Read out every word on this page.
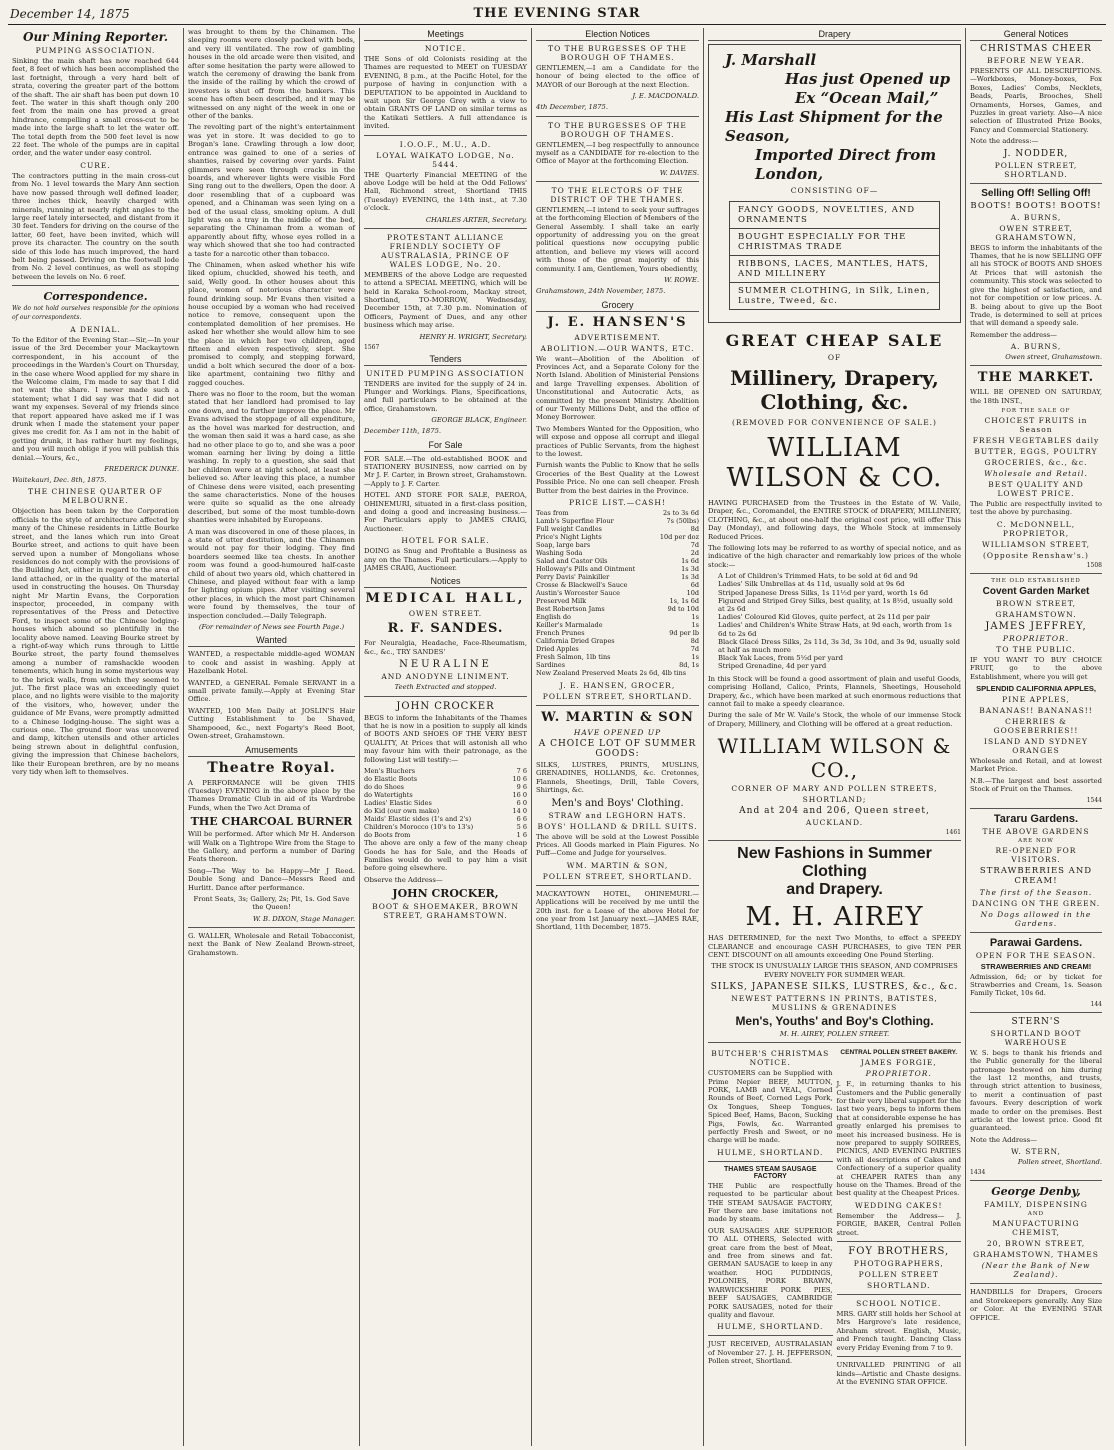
December 14, 1875	THE EVENING STAR
Our Mining Reporter.
PUMPING ASSOCIATION.

Sinking the main shaft has now reached 644 feet, 8 feet of which has been accomplished the last fortnight, through a very hard belt of strata, covering the greater part of the bottom of the shaft. The air shaft has been put down 10 feet. The water in this shaft though only 200 feet from the main one has proved a great hindrance, compelling a small cross-cut to be made into the large shaft to let the water off. The total depth from the 500 feet level is now 22 feet. The whole of the pumps are in capital order, and the water under easy control.

CURE.

The contractors putting in the main cross-cut from No. 1 level towards the Mary Ann section have now passed through well defined leader, three inches thick, heavily charged with minerals, running at nearly right angles to the large reef lately intersected, and distant from it 30 feet. Tenders for driving on the course of the latter, 60 feet, have been invited, which will prove its character. The country on the south side of this lode has much improved, the hard belt being passed. Driving on the footwall lode from No. 2 level continues, as well as stoping between the levels on No. 6 reef.

Correspondence.

We do not hold ourselves responsible for the opinions of our correspondents.

A DENIAL.

To the Editor of the Evening Star.—Sir,—In your issue of the 3rd December your Mackaytown correspondent, in his account of the proceedings in the Warden's Court on Thursday, in the case where Wood applied for my share in the Welcome claim, I'm made to say that I did not want the share. I never made such a statement; what I did say was that I did not want my expenses. Several of my friends since that report appeared have asked me if I was drunk when I made the statement your paper gives me credit for. As I am not in the habit of getting drunk, it has rather hurt my feelings, and you will much oblige if you will publish this denial.—Yours, &c.,

FREDERICK DUNKE.

Waitekauri, Dec. 8th, 1875.

THE CHINESE QUARTER OF MELBOURNE.

Objection has been taken by the Corporation officials to the style of architecture affected by many of the Chinese residents in Little Bourke street, and the lanes which run into Great Bourke street, and actions to quit have been served upon a number of Mongolians whose residences do not comply with the provisions of the Building Act, either in regard to the area of land attached, or in the quality of the material used in constructing the houses. On Thursday night Mr Martin Evans, the Corporation inspector, proceeded, in company with representatives of the Press and Detective Ford, to inspect some of the Chinese lodging-houses which abound so plentifully in the locality above named. Leaving Bourke street by a right-of-way which runs through to Little Bourke street, the party found themselves among a number of ramshackle wooden tenements, which hung in some mysterious way to the brick walls, from which they seemed to jut. The first place was an exceedingly quiet place, and no lights were visible to the majority of the visitors, who, however, under the guidance of Mr Evans, were promptly admitted to a Chinese lodging-house. The sight was a curious one. The ground floor was uncovered and damp, kitchen utensils and other articles being strewn about in delightful confusion, giving the impression that Chinese bachelors, like their European brethren, are by no means very tidy when left to themselves.

was brought to them by the Chinamen. The sleeping rooms were closely packed with beds, and very ill ventilated. The row of gambling houses in the old arcade were then visited, and after some hesitation the party were allowed to watch the ceremony of drawing the bank from the inside of the railing by which the crowd of investors is shut off from the bankers. This scene has often been described, and it may be witnessed on any night of the week in one or other of the banks.

The revolting part of the night's entertainment was yet in store. It was decided to go to Brogan's lane. Crawling through a low door, entrance was gained to one of a series of shanties, raised by covering over yards. Faint glimmers were seen through cracks in the boards, and wherever lights were visible Ford Sing rang out to the dwellers, Open the door. A door resembling that of a cupboard was opened, and a Chinaman was seen lying on a bed of the usual class, smoking opium. A dull light was on a tray in the middle of the bed, separating the Chinaman from a woman of apparently about fifty, whose eyes rolled in a way which showed that she too had contracted a taste for a narcotic other than tobacco.

The Chinamen, when asked whether his wife liked opium, chuckled, showed his teeth, and said, Welly good. In other houses about this place, women of notorious character were found drinking soup. Mr Evans then visited a house occupied by a woman who had received notice to remove, consequent upon the contemplated demolition of her premises. He asked her whether she would allow him to see the place in which her two children, aged fifteen and eleven respectively, slept. She promised to comply, and stepping forward, undid a bolt which secured the door of a box-like apartment, containing two filthy and ragged couches.

There was no floor to the room, but the woman stated that her landlord had promised to lay one down, and to further improve the place. Mr Evans advised the stoppage of all expenditure, as the hovel was marked for destruction, and the woman then said it was a hard case, as she had no other place to go to, and she was a poor woman earning her living by doing a little washing. In reply to a question, she said that her children were at night school, at least she believed so. After leaving this place, a number of Chinese dens were visited, each presenting the same characteristics. None of the houses were quite so squalid as the one already described, but some of the most tumble-down shanties were inhabited by Europeans.

A man was discovered in one of these places, in a state of utter destitution, and the Chinamen would not pay for their lodging. They find boarders seemed like tea chests. In another room was found a good-humoured half-caste child of about two years old, which chattered in Chinese, and played without fear with a lamp for lighting opium pipes. After visiting several other places, in which the most part Chinamen were found by themselves, the tour of inspection concluded.—Daily Telegraph.

(For remainder of News see Fourth Page.)

Wanted

WANTED, a respectable middle-aged WOMAN to cook and assist in washing. Apply at Hazelbank Hotel.

WANTED, a GENERAL Female SERVANT in a small private family.—Apply at Evening Star Office.

WANTED, 100 Men Daily at JOSLIN'S Hair Cutting Establishment to be Shaved, Shampooed, &c., next Fogarty's Reed Boot, Owen-street, Grahamstown.

Amusements
Theatre Royal.

A PERFORMANCE will be given THIS (Tuesday) EVENING in the above place by the Thames Dramatic Club in aid of its Wardrobe Funds, when the Two Act Drama of

THE CHARCOAL BURNER

Will be performed. After which Mr H. Anderson will Walk on a Tightrope Wire from the Stage to the Gallery, and perform a number of Daring Feats thereon.

Song—The Way to be Happy—Mr J Reed. Double Song and Dance—Messrs Reed and Hurlitt. Dance after performance.

Front Seats, 3s; Gallery, 2s; Pit, 1s. God Save the Queen!

W. B. DIXON, Stage Manager.

G. WALLER, Wholesale and Retail Tobacconist, next the Bank of New Zealand Brown-street, Grahamstown.

Meetings
NOTICE.

THE Sons of old Colonists residing at the Thames are requested to MEET on TUESDAY EVENING, 8 p.m., at the Pacific Hotel, for the purpose of having in conjunction with a DEPUTATION to be appointed in Auckland to wait upon Sir George Grey with a view to obtain GRANTS OF LAND on similar terms as the Katikati Settlers. A full attendance is invited.

I.O.O.F., M.U., A.D.
LOYAL WAIKATO LODGE, No. 5444.

THE Quarterly Financial MEETING of the above Lodge will be held at the Odd Fellows' Hall, Richmond street, Shortland THIS (Tuesday) EVENING, the 14th inst., at 7.30 o'clock.

CHARLES ARTER, Secretary.
PROTESTANT ALLIANCE FRIENDLY SOCIETY OF AUSTRALASIA, PRINCE OF WALES LODGE, No. 20.

MEMBERS of the above Lodge are requested to attend a SPECIAL MEETING, which will be held in Karaka School-room, Mackay street, Shortland, TO-MORROW, Wednesday, December 15th, at 7.30 p.m. Nomination of Officers, Payment of Dues, and any other business which may arise.

HENRY H. WRIGHT, Secretary.
1567
Tenders
UNITED PUMPING ASSOCIATION

TENDERS are invited for the supply of 24 in. Plunger and Workings. Plans, Specifications, and full particulars to be obtained at the office, Grahamstown.

GEORGE BLACK, Engineer.

December 11th, 1875.

For Sale

FOR SALE.—The old-established BOOK and STATIONERY BUSINESS, now carried on by Mr J. F. Carter, in Brown street, Grahamstown.—Apply to J. F. Carter.

HOTEL AND STORE FOR SALE, PAEROA, OHINEMURI, situated in a first-class position, and doing a good and increasing business.—For Particulars apply to JAMES CRAIG, Auctioneer.

HOTEL FOR SALE.

DOING as Snug and Profitable a Business as any on the Thames. Full particulars.—Apply to JAMES CRAIG, Auctioneer.

Notices
MEDICAL HALL,
OWEN STREET.
R. F. SANDES.

For Neuralgia, Headache, Face-Rheumatism, &c., &c., TRY SANDES'

NEURALINE
AND ANODYNE LINIMENT.

Teeth Extracted and stopped.

JOHN CROCKER

BEGS to inform the Inhabitants of the Thames that he is now in a position to supply all kinds of BOOTS AND SHOES OF THE VERY BEST QUALITY, At Prices that will astonish all who may favour him with their patronage, as the following List will testify:—

Men's Bluchers	7 6
do Elastic Boots	10 6
do do Shoes	9 6
do Watertights	16 0
Ladies' Elastic Sides	6 0
do Kid (our own make)	14 0
Maids' Elastic sides (1's and 2's)	6 6
Children's Morocco (10's to 13's)	5 6
do Boots from	1 6

The above are only a few of the many cheap Goods he has for Sale, and the Heads of Families would do well to pay him a visit before going elsewhere.

Observe the Address—

JOHN CROCKER,
BOOT & SHOEMAKER, BROWN STREET, GRAHAMSTOWN.
Election Notices
TO THE BURGESSES OF THE BOROUGH OF THAMES.

GENTLEMEN,—I am a Candidate for the honour of being elected to the office of MAYOR of our Borough at the next Election.

J. E. MACDONALD.

4th December, 1875.

TO THE BURGESSES OF THE BOROUGH OF THAMES.

GENTLEMEN,—I beg respectfully to announce myself as a CANDIDATE for re-election to the Office of Mayor at the forthcoming Election.

W. DAVIES.
TO THE ELECTORS OF THE DISTRICT OF THE THAMES.

GENTLEMEN,—I intend to seek your suffrages at the forthcoming Election of Members of the General Assembly. I shall take an early opportunity of addressing you on the great political questions now occupying public attention, and believe my views will accord with those of the great majority of this community. I am, Gentlemen, Yours obediently,

W. ROWE.

Grahamstown, 24th November, 1875.

Grocery
J. E. HANSEN'S
ADVERTISEMENT.
ABOLITION.—OUR WANTS, ETC.

We want—Abolition of the Abolition of Provinces Act, and a Separate Colony for the North Island. Abolition of Ministerial Pensions and large Travelling expenses. Abolition of Unconstitutional and Autocratic Acts, as committed by the present Ministry. Abolition of our Twenty Millions Debt, and the office of Money Borrower.

Two Members Wanted for the Opposition, who will expose and oppose all corrupt and illegal practices of Public Servants, from the highest to the lowest.

Furnish wants the Public to Know that he sells Groceries of the Best Quality at the Lowest Possible Price. No one can sell cheaper. Fresh Butter from the best dairies in the Province.

PRICE LIST.—CASH!
Teas from	2s to 3s 6d
Lamb's Superfine Flour	7s (50lbs)
Full weight Candles	8d
Price's Night Lights	10d per doz
Soap, large bars	7d
Washing Soda	2d
Salad and Castor Oils	1s 6d
Holloway's Pills and Ointment	1s 3d
Perry Davis' Painkiller	1s 3d
Crosse & Blackwell's Sauce	6d
Austin's Worcester Sauce	10d
Preserved Milk	1s, 1s 6d
Best Robertson Jams	9d to 10d
English do	1s
Keiller's Marmalade	1s
French Prunes	9d per lb
California Dried Grapes	8d
Dried Apples	7d
Fresh Salmon, 1lb tins	1s
Sardines	8d, 1s
New Zealand Preserved Meats 2s 6d, 4lb tins
J. E. HANSEN, GROCER,
POLLEN STREET, SHORTLAND.
W. MARTIN & SON
HAVE OPENED UP
A CHOICE LOT OF SUMMER GOODS:

SILKS, LUSTRES, PRINTS, MUSLINS, GRENADINES, HOLLANDS, &c. Cretonnes, Flannels, Sheetings, Drill, Table Covers, Shirtings, &c.

Men's and Boys' Clothing.
STRAW and LEGHORN HATS.
BOYS' HOLLAND & DRILL SUITS.

The above will be sold at the Lowest Possible Prices. All Goods marked in Plain Figures. No Puff—Come and Judge for yourselves.

WM. MARTIN & SON,
POLLEN STREET, SHORTLAND.

MACKAYTOWN HOTEL, OHINEMURI.—Applications will be received by me until the 20th inst. for a Lease of the above Hotel for one year from 1st January next.—JAMES RAE, Shortland, 11th December, 1875.

Drapery
J. Marshall
Has just Opened up
Ex “Ocean Mail,”
His Last Shipment for the Season,
Imported Direct from London,
CONSISTING OF—
FANCY GOODS, NOVELTIES, AND ORNAMENTS
BOUGHT ESPECIALLY FOR THE CHRISTMAS TRADE
RIBBONS, LACES, MANTLES, HATS, AND MILLINERY
SUMMER CLOTHING, in Silk, Linen, Lustre, Tweed, &c.
GREAT CHEAP SALE
OF
Millinery, Drapery, Clothing, &c.
(REMOVED FOR CONVENIENCE OF SALE.)
WILLIAM WILSON & CO.

HAVING PURCHASED from the Trustees in the Estate of W. Vaile, Draper, &c., Coromandel, the ENTIRE STOCK of DRAPERY, MILLINERY, CLOTHING, &c., at about one-half the original cost price, will offer This Day (Monday), and following days, the Whole Stock at immensely Reduced Prices.

The following lots may be referred to as worthy of special notice, and as indicative of the high character and remarkably low prices of the whole stock:—

A Lot of Children's Trimmed Hats, to be sold at 6d and 9d
Ladies' Silk Umbrellas at 4s 11d, usually sold at 9s 6d
Striped Japanese Dress Silks, 1s 11½d per yard, worth 1s 6d
Figured and Striped Grey Silks, best quality, at 1s 8½d, usually sold at 2s 6d
Ladies' Coloured Kid Gloves, quite perfect, at 2s 11d per pair
Ladies' and Children's White Straw Hats, at 9d each, worth from 1s 6d to 2s 6d
Black Glacé Dress Silks, 2s 11d, 3s 3d, 3s 10d, and 3s 9d, usually sold at half as much more
Black Yak Laces, from 5½d per yard
Striped Grenadine, 4d per yard

In this Stock will be found a good assortment of plain and useful Goods, comprising Holland, Calico, Prints, Flannels, Sheetings, Household Drapery, &c., which have been marked at such enormous reductions that cannot fail to make a speedy clearance.

During the sale of Mr W. Vaile's Stock, the whole of our immense Stock of Drapery, Millinery, and Clothing will be offered at a great reduction.

WILLIAM WILSON & CO.,
CORNER OF MARY AND POLLEN STREETS,
SHORTLAND;
And at 204 and 206, Queen street,
AUCKLAND.
1461
New Fashions in Summer Clothing
and Drapery.
M. H. AIREY

HAS DETERMINED, for the next Two Months, to effect a SPEEDY CLEARANCE and encourage CASH PURCHASES, to give TEN PER CENT. DISCOUNT on all amounts exceeding One Pound Sterling.

THE STOCK IS UNUSUALLY LARGE THIS SEASON, AND COMPRISES EVERY NOVELTY FOR SUMMER WEAR.

SILKS, JAPANESE SILKS, LUSTRES, &c., &c.
NEWEST PATTERNS IN PRINTS, BATISTES, MUSLINS & GRENADINES
Men's, Youths' and Boy's Clothing.
M. H. AIREY, POLLEN STREET.
BUTCHER'S CHRISTMAS NOTICE.

CUSTOMERS can be Supplied with Prime Nepier BEEF, MUTTON, PORK, LAMB and VEAL, Corned Rounds of Beef, Corned Legs Pork, Ox Tongues, Sheep Tongues, Spiced Beef, Hams, Bacon, Sucking Pigs, Fowls, &c. Warranted perfectly Fresh and Sweet, or no charge will be made.

HULME, SHORTLAND.
THAMES STEAM SAUSAGE FACTORY

THE Public are respectfully requested to be particular about THE STEAM SAUSAGE FACTORY, For there are base imitations not made by steam.

OUR SAUSAGES ARE SUPERIOR TO ALL OTHERS, Selected with great care from the best of Meat, and free from sinews and fat. GERMAN SAUSAGE to keep in any weather. HOG PUDDINGS, POLONIES, PORK BRAWN, WARWICKSHIRE PORK PIES, BEEF SAUSAGES, CAMBRIDGE PORK SAUSAGES, noted for their quality and flavour.

HULME, SHORTLAND.

JUST RECEIVED, AUSTRALASIAN of November 27. J. H. JEFFERSON, Pollen street, Shortland.

CENTRAL POLLEN STREET BAKERY.
JAMES FORGIE,
PROPRIETOR.

J. F., in returning thanks to his Customers and the Public generally for their very liberal support for the last two years, begs to inform them that at considerable expense he has greatly enlarged his premises to meet his increased business. He is now prepared to supply SOIREES, PICNICS, AND EVENING PARTIES with all descriptions of Cakes and Confectionery of a superior quality at CHEAPER RATES than any house on the Thames. Bread of the best quality at the Cheapest Prices.

WEDDING CAKES!

Remember the Address— J. FORGIE, BAKER, Central Pollen street.

FOY BROTHERS,
PHOTOGRAPHERS,
POLLEN STREET
SHORTLAND.
SCHOOL NOTICE.

MRS. GARY still holds her School at Mrs Hargrove's late residence, Abraham street. English, Music, and French taught. Dancing Class every Friday Evening from 7 to 9.

UNRIVALLED PRINTING of all kinds—Artistic and Chaste designs. At the EVENING STAR OFFICE.

General Notices
CHRISTMAS CHEER
BEFORE NEW YEAR.

PRESENTS OF ALL DESCRIPTIONS.—Workboxes, Money-boxes, Fox Boxes, Ladies' Combs, Necklets, Beads, Pearls, Brooches, Shell Ornaments, Horses, Games, and Puzzles in great variety. Also—A nice selection of Illustrated Prize Books, Fancy and Commercial Stationery.

Note the address:—

J. NODDER,
POLLEN STREET, SHORTLAND.
Selling Off! Selling Off!
BOOTS! BOOTS! BOOTS!
A. BURNS,
OWEN STREET, GRAHAMSTOWN,

BEGS to inform the inhabitants of the Thames, that he is now SELLING OFF all his STOCK of BOOTS AND SHOES At Prices that will astonish the community. This stock was selected to give the highest of satisfaction, and not for competition or low prices. A. B. being about to give up the Boot Trade, is determined to sell at prices that will demand a speedy sale.

Remember the address—

A. BURNS,
Owen street, Grahamstown.
THE MARKET.

WILL BE OPENED ON SATURDAY, the 18th INST.,

FOR THE SALE OF
CHOICEST FRUITS in Season
FRESH VEGETABLES daily
BUTTER, EGGS, POULTRY
GROCERIES, &c., &c.
Wholesale and Retail.
BEST QUALITY AND LOWEST PRICE.

The Public are respectfully invited to test the above by purchasing.

C. McDONNELL, PROPRIETOR,
WILLIAMSON STREET,
(Opposite Renshaw's.)
1508
THE OLD ESTABLISHED
Covent Garden Market
BROWN STREET,
GRAHAMSTOWN.
JAMES JEFFREY,
PROPRIETOR.
TO THE PUBLIC.

IF YOU WANT TO BUY CHOICE FRUIT, go to the above Establishment, where you will get

SPLENDID CALIFORNIA APPLES,
PINE APPLES,
BANANAS!! BANANAS!!
CHERRIES & GOOSEBERRIES!!
ISLAND AND SYDNEY ORANGES

Wholesale and Retail, and at lowest Market Price.

N.B.—The largest and best assorted Stock of Fruit on the Thames.

1544
Tararu Gardens.
THE ABOVE GARDENS
ARE NOW
RE-OPENED FOR VISITORS.
STRAWBERRIES AND CREAM!
The first of the Season.
DANCING ON THE GREEN.
No Dogs allowed in the Gardens.
Parawai Gardens.
OPEN FOR THE SEASON.
STRAWBERRIES AND CREAM!

Admission, 6d; or by ticket for Strawberries and Cream, 1s. Season Family Ticket, 10s 6d.

144
STERN'S
SHORTLAND BOOT WAREHOUSE

W. S. begs to thank his friends and the Public generally for the liberal patronage bestowed on him during the last 12 months, and trusts, through strict attention to business, to merit a continuation of past favours. Every description of work made to order on the premises. Best article at the lowest price. Good fit guaranteed.

Note the Address—

W. STERN,
Pollen street, Shortland.
1434
George Denby,
FAMILY, DISPENSING
AND
MANUFACTURING CHEMIST,
20, BROWN STREET,
GRAHAMSTOWN, THAMES
(Near the Bank of New Zealand).

HANDBILLS for Drapers, Grocers and Storekeepers generally. Any Size or Color. At the EVENING STAR OFFICE.
